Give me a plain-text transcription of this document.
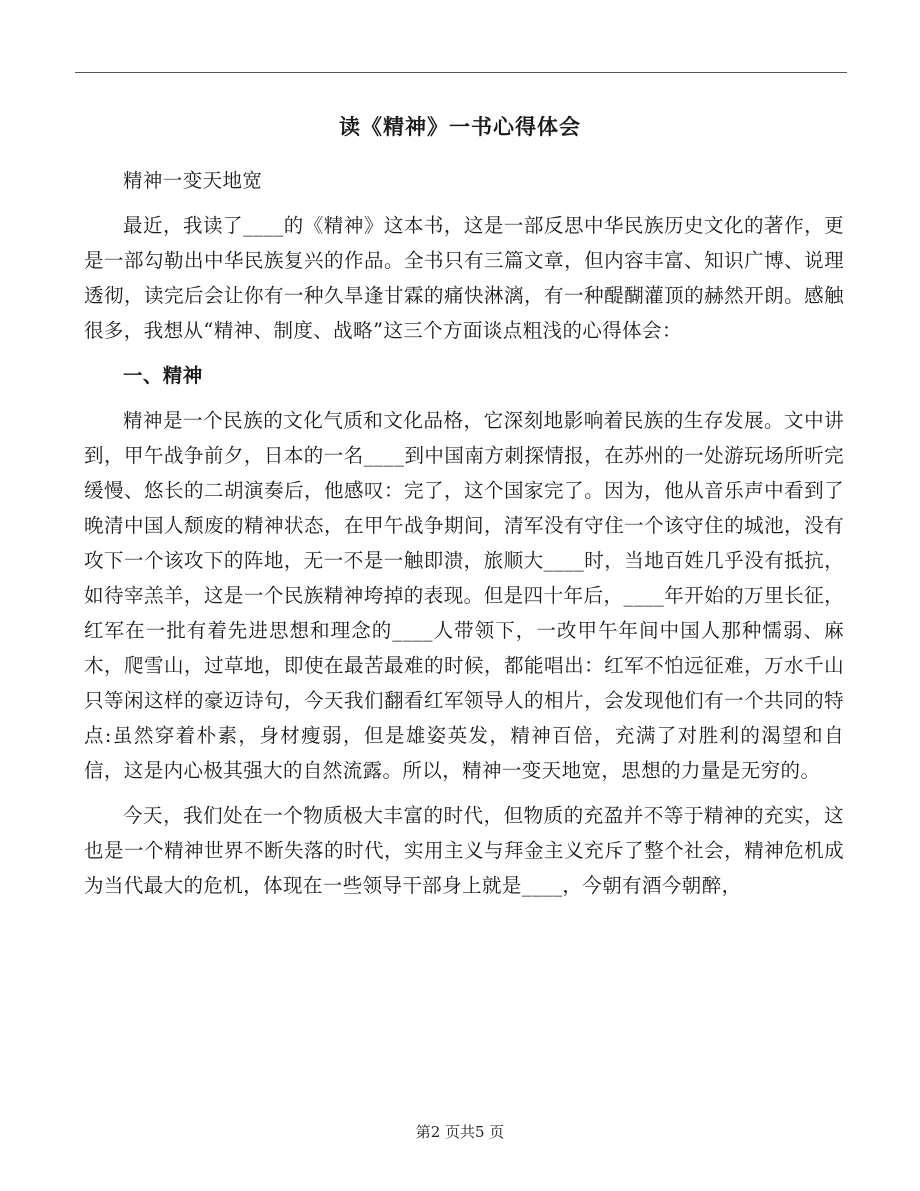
读《精神》一书心得体会

精神一变天地宽

最近，我读了____的《精神》这本书，这是一部反思中华民族历史文化的著作，更是一部勾勒出中华民族复兴的作品。全书只有三篇文章，但内容丰富、知识广博、说理透彻，读完后会让你有一种久旱逢甘霖的痛快淋漓，有一种醍醐灌顶的赫然开朗。感触很多，我想从“精神、制度、战略”这三个方面谈点粗浅的心得体会：

一、精神

精神是一个民族的文化气质和文化品格，它深刻地影响着民族的生存发展。文中讲到，甲午战争前夕，日本的一名____到中国南方刺探情报，在苏州的一处游玩场所听完缓慢、悠长的二胡演奏后，他感叹：完了，这个国家完了。因为，他从音乐声中看到了晚清中国人颓废的精神状态，在甲午战争期间，清军没有守住一个该守住的城池，没有攻下一个该攻下的阵地，无一不是一触即溃，旅顺大____时，当地百姓几乎没有抵抗，如待宰羔羊，这是一个民族精神垮掉的表现。但是四十年后，____年开始的万里长征，红军在一批有着先进思想和理念的____人带领下，一改甲午年间中国人那种懦弱、麻木，爬雪山，过草地，即使在最苦最难的时候，都能唱出：红军不怕远征难，万水千山只等闲这样的豪迈诗句，今天我们翻看红军领导人的相片，会发现他们有一个共同的特点:虽然穿着朴素，身材瘦弱，但是雄姿英发，精神百倍，充满了对胜利的渴望和自信，这是内心极其强大的自然流露。所以，精神一变天地宽，思想的力量是无穷的。

今天，我们处在一个物质极大丰富的时代，但物质的充盈并不等于精神的充实，这也是一个精神世界不断失落的时代，实用主义与拜金主义充斥了整个社会，精神危机成为当代最大的危机，体现在一些领导干部身上就是____，今朝有酒今朝醉，

第2 页共5 页
